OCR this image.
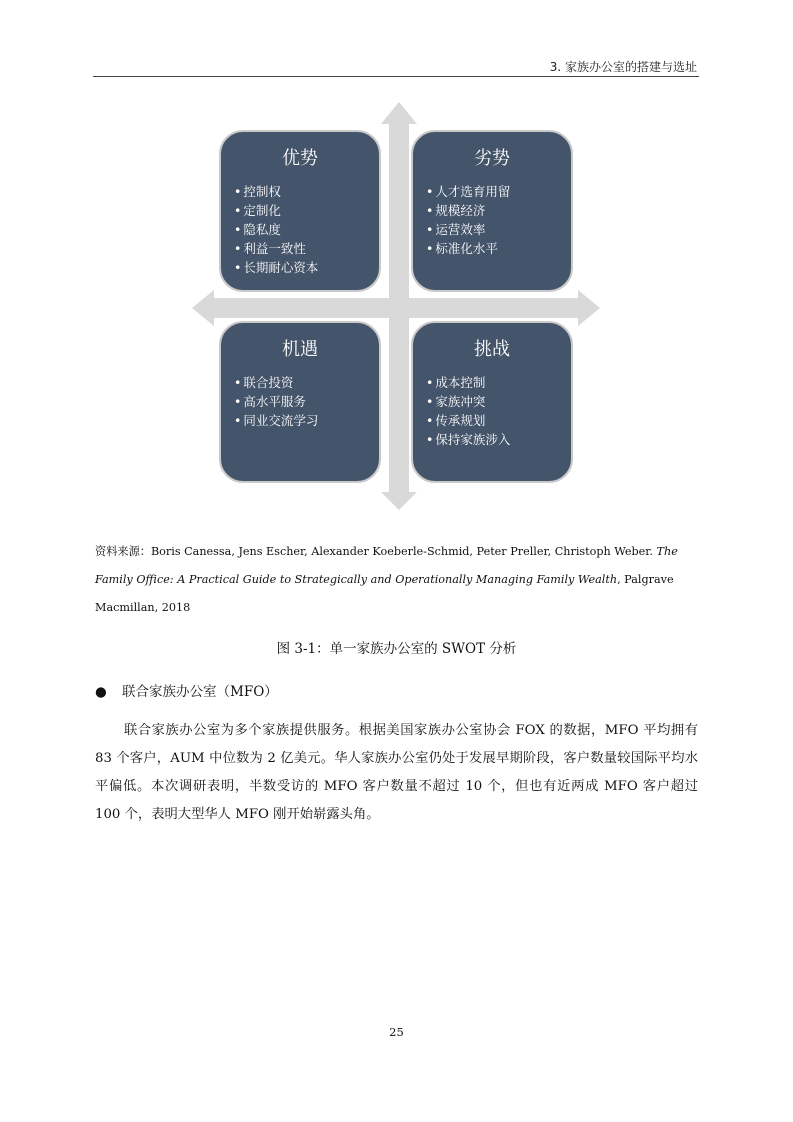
3. 家族办公室的搭建与选址
优势
• 控制权
• 定制化
• 隐私度
• 利益一致性
• 长期耐心资本
劣势
• 人才选育用留
• 规模经济
• 运营效率
• 标准化水平
机遇
• 联合投资
• 高水平服务
• 同业交流学习
挑战
• 成本控制
• 家族冲突
• 传承规划
• 保持家族涉入
资料来源：Boris Canessa, Jens Escher, Alexander Koeberle-Schmid, Peter Preller, Christoph Weber. The Family Office: A Practical Guide to Strategically and Operationally Managing Family Wealth, Palgrave Macmillan, 2018
图 3-1：单一家族办公室的 SWOT 分析
● 联合家族办公室（MFO）
联合家族办公室为多个家族提供服务。根据美国家族办公室协会 FOX 的数据，MFO 平均拥有 83 个客户，AUM 中位数为 2 亿美元。华人家族办公室仍处于发展早期阶段，客户数量较国际平均水平偏低。本次调研表明，半数受访的 MFO 客户数量不超过 10 个，但也有近两成 MFO 客户超过 100 个，表明大型华人 MFO 刚开始崭露头角。
25
